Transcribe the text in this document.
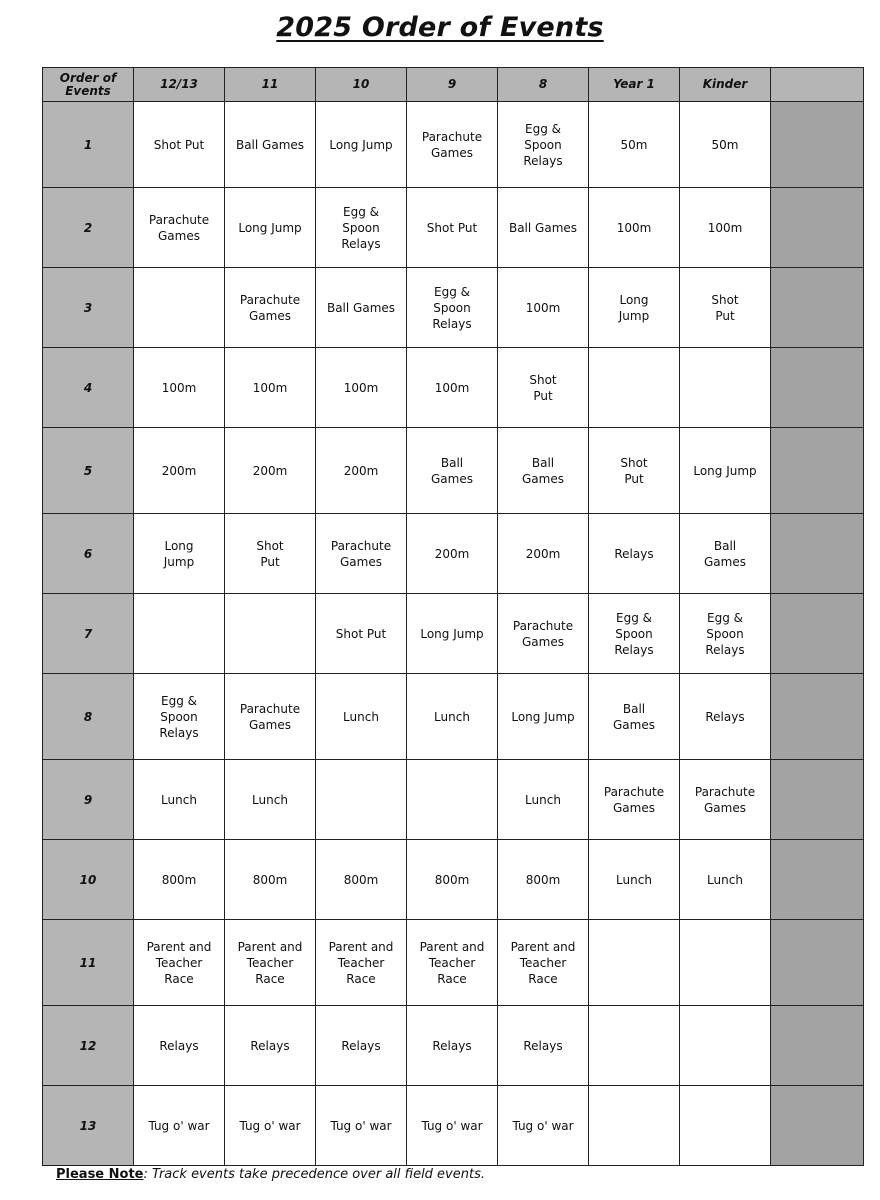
2025 Order of Events
Order of Events	12/13	11	10	9	8	Year 1	Kinder	
1	Shot Put	Ball Games	Long Jump	Parachute
Games	Egg &
Spoon
Relays	50m	50m	
2	Parachute
Games	Long Jump	Egg &
Spoon
Relays	Shot Put	Ball Games	100m	100m	
3		Parachute
Games	Ball Games	Egg &
Spoon
Relays	100m	Long
Jump	Shot
Put	
4	100m	100m	100m	100m	Shot
Put			
5	200m	200m	200m	Ball
Games	Ball
Games	Shot
Put	Long Jump	
6	Long
Jump	Shot
Put	Parachute
Games	200m	200m	Relays	Ball
Games	
7			Shot Put	Long Jump	Parachute
Games	Egg &
Spoon
Relays	Egg &
Spoon
Relays	
8	Egg &
Spoon
Relays	Parachute
Games	Lunch	Lunch	Long Jump	Ball
Games	Relays	
9	Lunch	Lunch			Lunch	Parachute
Games	Parachute
Games	
10	800m	800m	800m	800m	800m	Lunch	Lunch	
11	Parent and
Teacher
Race	Parent and
Teacher
Race	Parent and
Teacher
Race	Parent and
Teacher
Race	Parent and
Teacher
Race			
12	Relays	Relays	Relays	Relays	Relays			
13	Tug o' war	Tug o' war	Tug o' war	Tug o' war	Tug o' war			
Please Note: Track events take precedence over all field events.
